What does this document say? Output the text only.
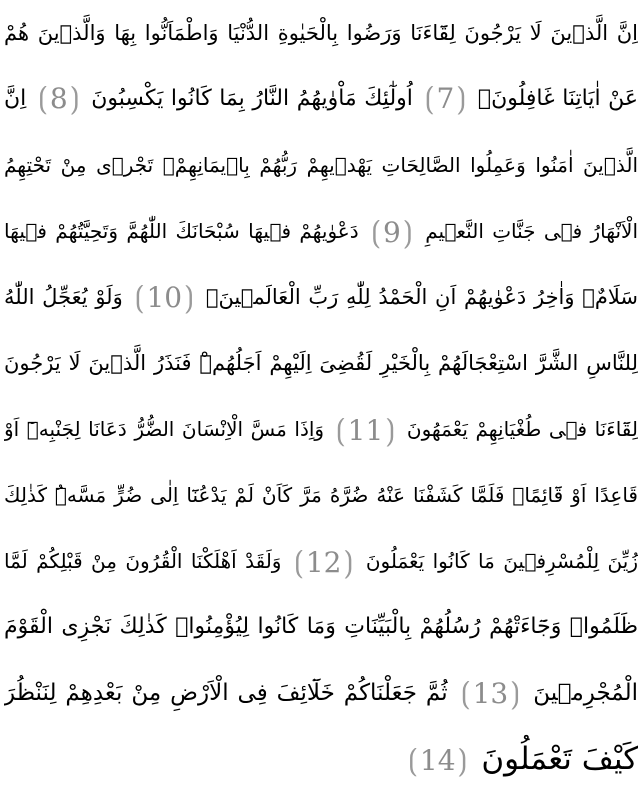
اِنَّ الَّذٖينَ لَا يَرْجُونَ لِقَٓاءَنَا وَرَضُوا بِالْحَيٰوةِ الدُّنْيَا وَاطْمَاَنُّوا بِهَا وَالَّذٖينَ هُمْ
عَنْ اٰيَاتِنَا غَافِلُونَۙ ⟮7⟯ اُولٰٓئِكَ مَاْوٰيهُمُ النَّارُ بِمَا كَانُوا يَكْسِبُونَ ⟮8⟯ اِنَّ
الَّذٖينَ اٰمَنُوا وَعَمِلُوا الصَّالِحَاتِ يَهْدٖيهِمْ رَبُّهُمْ بِاٖيمَانِهِمْۚ تَجْرٖى مِنْ تَحْتِهِمُ
الْاَنْهَارُ فٖى جَنَّاتِ النَّعٖيمِ ⟮9⟯ دَعْوٰيهُمْ فٖيهَا سُبْحَانَكَ اللّٰهُمَّ وَتَحِيَّتُهُمْ فٖيهَا
سَلَامٌۚ وَاٰخِرُ دَعْوٰيهُمْ اَنِ الْحَمْدُ لِلّٰهِ رَبِّ الْعَالَمٖينَ۟ ⟮10⟯ وَلَوْ يُعَجِّلُ اللّٰهُ
لِلنَّاسِ الشَّرَّ اسْتِعْجَالَهُمْ بِالْخَيْرِ لَقُضِىَ اِلَيْهِمْ اَجَلُهُمْۜ فَنَذَرُ الَّذٖينَ لَا يَرْجُونَ
لِقَٓاءَنَا فٖى طُغْيَانِهِمْ يَعْمَهُونَ ⟮11⟯ وَاِذَا مَسَّ الْاِنْسَانَ الضُّرُّ دَعَانَا لِجَنْبِهٖٓ اَوْ
قَاعِدًا اَوْ قَٓائِمًاۚ فَلَمَّا كَشَفْنَا عَنْهُ ضُرَّهُ مَرَّ كَاَنْ لَمْ يَدْعُنَٓا اِلٰى ضُرٍّ مَسَّهُۜ كَذٰلِكَ
زُيِّنَ لِلْمُسْرِفٖينَ مَا كَانُوا يَعْمَلُونَ ⟮12⟯ وَلَقَدْ اَهْلَكْنَا الْقُرُونَ مِنْ قَبْلِكُمْ لَمَّا
ظَلَمُواۙ وَجَٓاءَتْهُمْ رُسُلُهُمْ بِالْبَيِّنَاتِ وَمَا كَانُوا لِيُؤْمِنُواۜ كَذٰلِكَ نَجْزِى الْقَوْمَ
الْمُجْرِمٖينَ ⟮13⟯ ثُمَّ جَعَلْنَاكُمْ خَلَٓائِفَ فِى الْاَرْضِ مِنْ بَعْدِهِمْ لِنَنْظُرَ
كَيْفَ تَعْمَلُونَ ⟮14⟯
